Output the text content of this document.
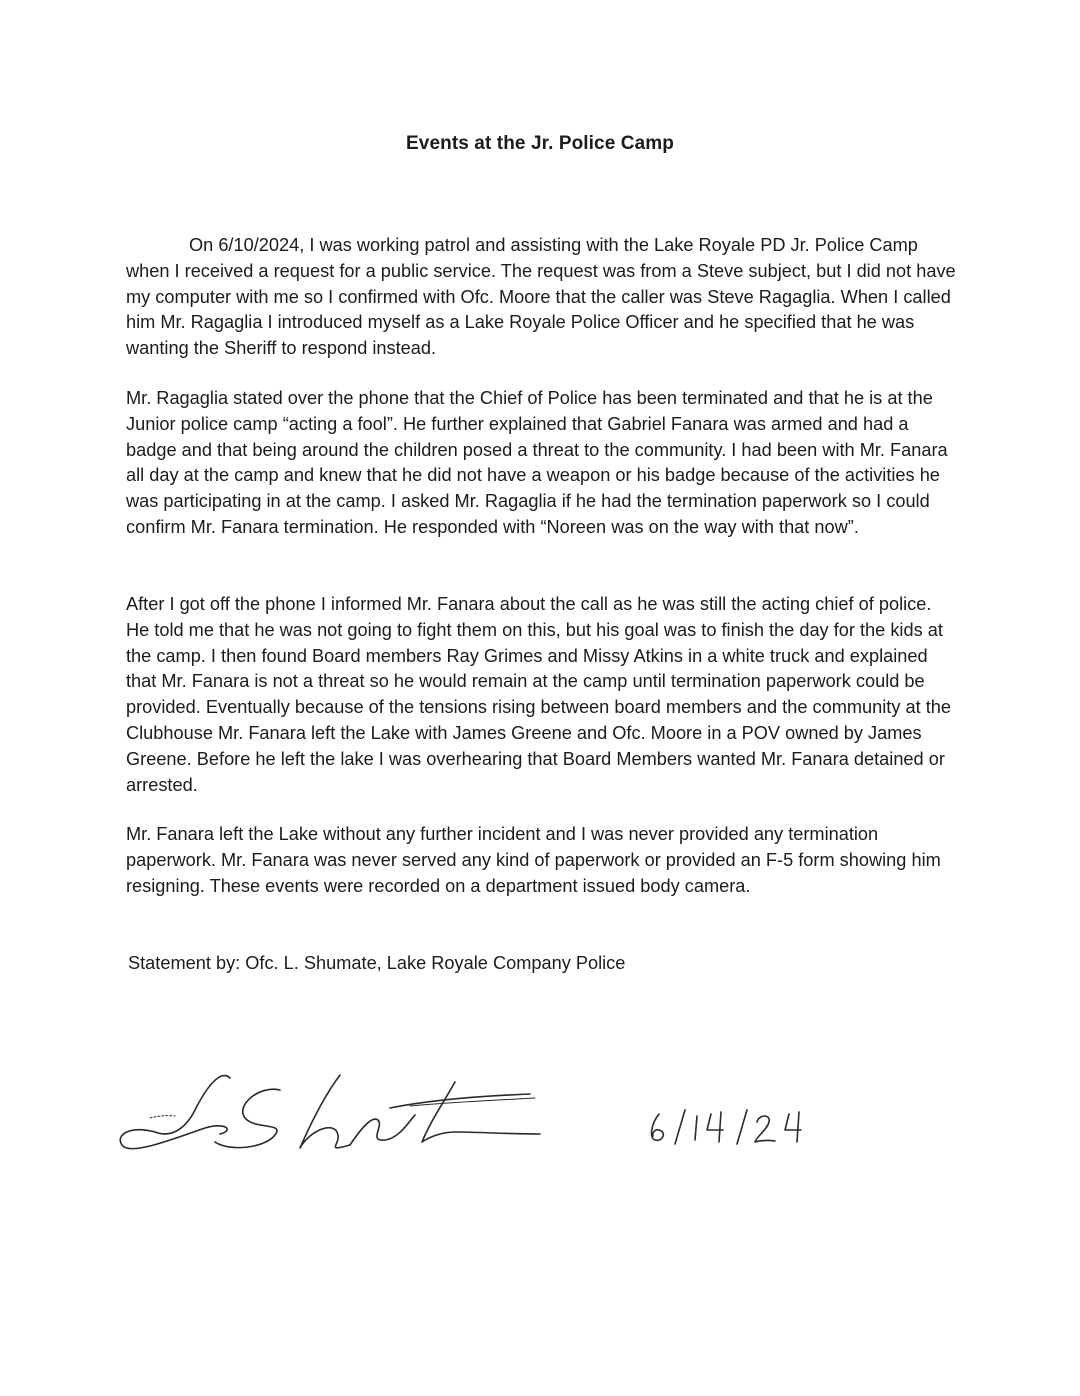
Events at the Jr. Police Camp

On 6/10/2024, I was working patrol and assisting with the Lake Royale PD Jr. Police Camp when I received a request for a public service. The request was from a Steve subject, but I did not have my computer with me so I confirmed with Ofc. Moore that the caller was Steve Ragaglia. When I called him Mr. Ragaglia I introduced myself as a Lake Royale Police Officer and he specified that he was wanting the Sheriff to respond instead.

Mr. Ragaglia stated over the phone that the Chief of Police has been terminated and that he is at the Junior police camp “acting a fool”. He further explained that Gabriel Fanara was armed and had a badge and that being around the children posed a threat to the community. I had been with Mr. Fanara all day at the camp and knew that he did not have a weapon or his badge because of the activities he was participating in at the camp. I asked Mr. Ragaglia if he had the termination paperwork so I could confirm Mr. Fanara termination. He responded with “Noreen was on the way with that now”.

After I got off the phone I informed Mr. Fanara about the call as he was still the acting chief of police. He told me that he was not going to fight them on this, but his goal was to finish the day for the kids at the camp. I then found Board members Ray Grimes and Missy Atkins in a white truck and explained that Mr. Fanara is not a threat so he would remain at the camp until termination paperwork could be provided. Eventually because of the tensions rising between board members and the community at the Clubhouse Mr. Fanara left the Lake with James Greene and Ofc. Moore in a POV owned by James Greene. Before he left the lake I was overhearing that Board Members wanted Mr. Fanara detained or arrested.

Mr. Fanara left the Lake without any further incident and I was never provided any termination paperwork. Mr. Fanara was never served any kind of paperwork or provided an F-5 form showing him resigning. These events were recorded on a department issued body camera.

Statement by: Ofc. L. Shumate, Lake Royale Company Police
